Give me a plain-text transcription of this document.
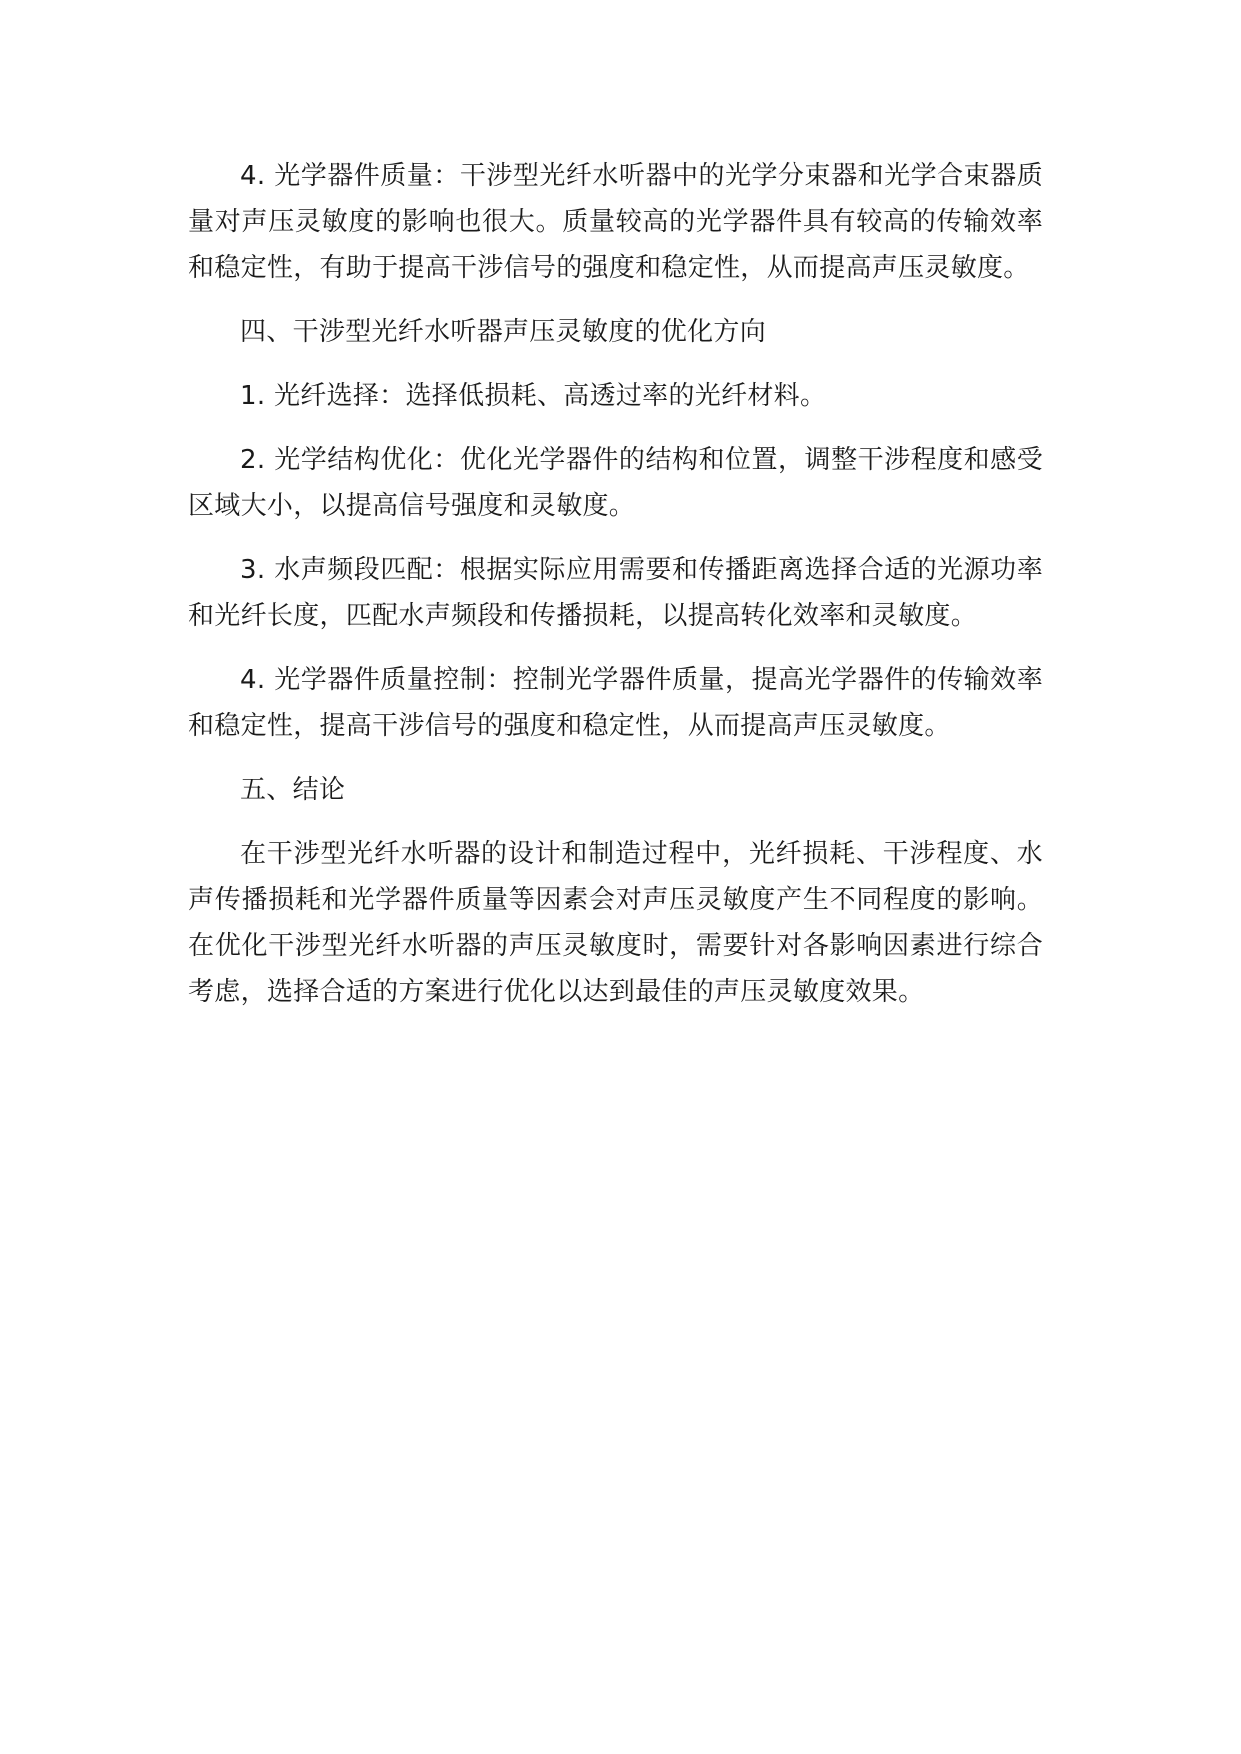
4. 光学器件质量：干涉型光纤水听器中的光学分束器和光学合束器质量对声压灵敏度的影响也很大。质量较高的光学器件具有较高的传输效率和稳定性，有助于提高干涉信号的强度和稳定性，从而提高声压灵敏度。

四、干涉型光纤水听器声压灵敏度的优化方向

1. 光纤选择：选择低损耗、高透过率的光纤材料。

2. 光学结构优化：优化光学器件的结构和位置，调整干涉程度和感受区域大小，以提高信号强度和灵敏度。

3. 水声频段匹配：根据实际应用需要和传播距离选择合适的光源功率和光纤长度，匹配水声频段和传播损耗，以提高转化效率和灵敏度。

4. 光学器件质量控制：控制光学器件质量，提高光学器件的传输效率和稳定性，提高干涉信号的强度和稳定性，从而提高声压灵敏度。

五、结论

在干涉型光纤水听器的设计和制造过程中，光纤损耗、干涉程度、水声传播损耗和光学器件质量等因素会对声压灵敏度产生不同程度的影响。在优化干涉型光纤水听器的声压灵敏度时，需要针对各影响因素进行综合考虑，选择合适的方案进行优化以达到最佳的声压灵敏度效果。
